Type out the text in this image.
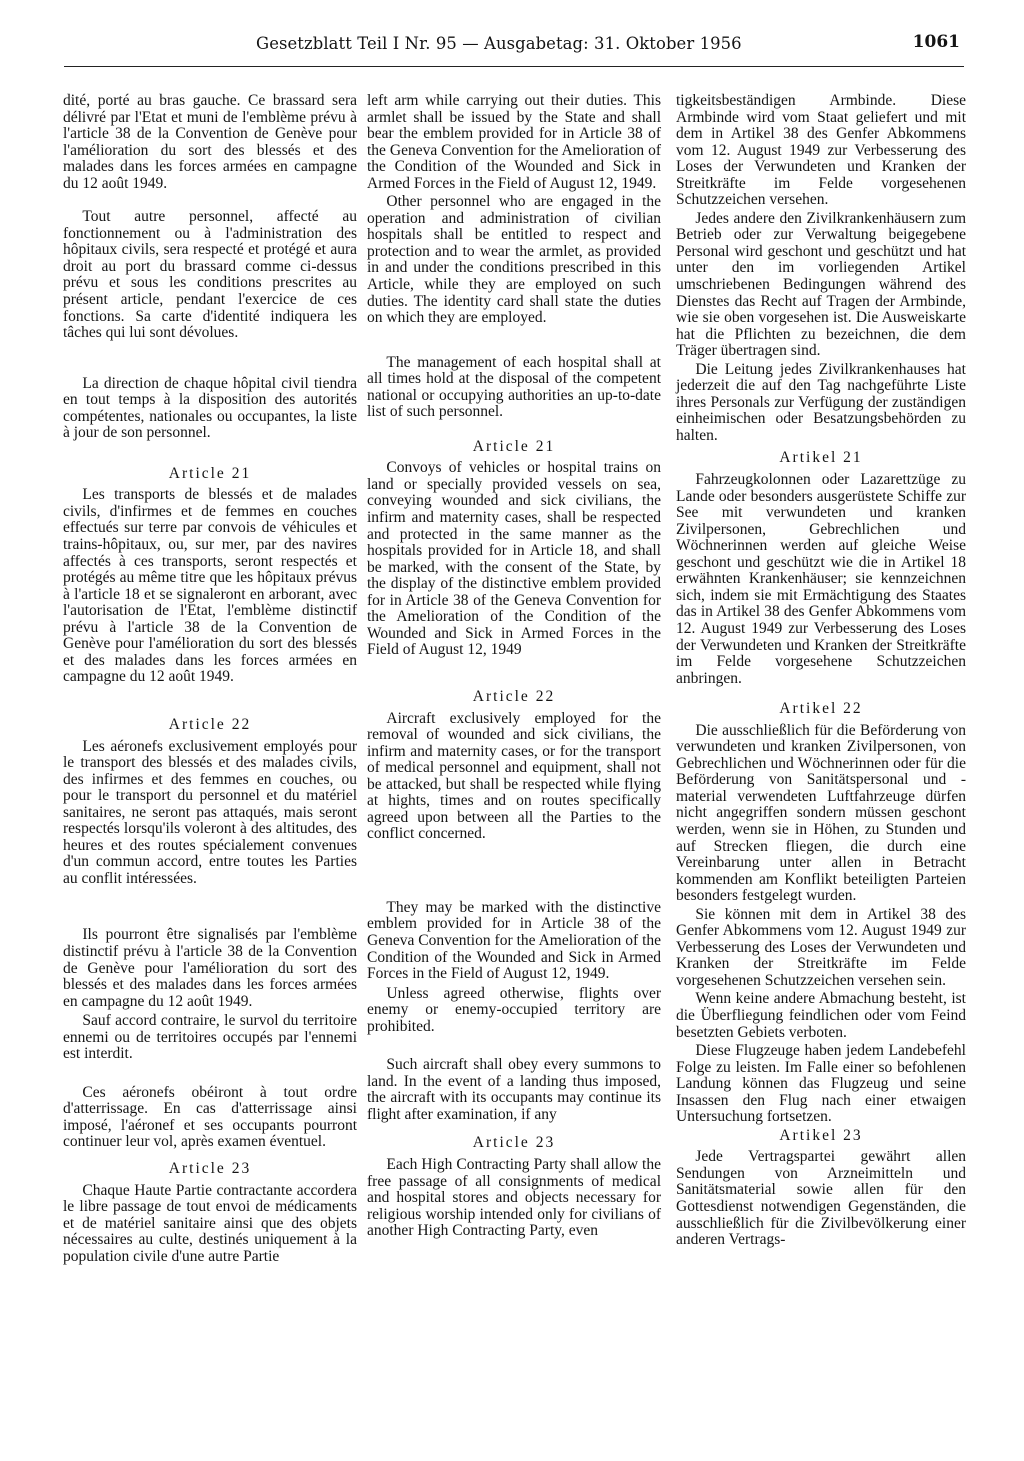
Gesetzblatt Teil I Nr. 95 — Ausgabetag: 31. Oktober 1956	1061

dité, porté au bras gauche. Ce brassard sera délivré par l'Etat et muni de l'emblème prévu à l'article 38 de la Convention de Genève pour l'amélioration du sort des blessés et des malades dans les forces armées en campagne du 12 août 1949.

Tout autre personnel, affecté au fonctionnement ou à l'administration des hôpitaux civils, sera respecté et protégé et aura droit au port du brassard comme ci-dessus prévu et sous les conditions prescrites au présent article, pendant l'exercice de ces fonctions. Sa carte d'identité indiquera les tâches qui lui sont dévolues.

La direction de chaque hôpital civil tiendra en tout temps à la disposition des autorités compétentes, nationales ou occupantes, la liste à jour de son personnel.

Article 21

Les transports de blessés et de malades civils, d'infirmes et de femmes en couches effectués sur terre par convois de véhicules et trains-hôpitaux, ou, sur mer, par des navires affectés à ces transports, seront respectés et protégés au même titre que les hôpitaux prévus à l'article 18 et se signaleront en arborant, avec l'autorisation de l'Etat, l'emblème distinctif prévu à l'article 38 de la Convention de Genève pour l'amélioration du sort des blessés et des malades dans les forces armées en campagne du 12 août 1949.

Article 22

Les aéronefs exclusivement employés pour le transport des blessés et des malades civils, des infirmes et des femmes en couches, ou pour le transport du personnel et du matériel sanitaires, ne seront pas attaqués, mais seront respectés lorsqu'ils voleront à des altitudes, des heures et des routes spécialement convenues d'un commun accord, entre toutes les Parties au conflit intéressées.

Ils pourront être signalisés par l'emblème distinctif prévu à l'article 38 de la Convention de Genève pour l'amélioration du sort des blessés et des malades dans les forces armées en campagne du 12 août 1949.

Sauf accord contraire, le survol du territoire ennemi ou de territoires occupés par l'ennemi est interdit.

Ces aéronefs obéiront à tout ordre d'atterrissage. En cas d'atterrissage ainsi imposé, l'aéronef et ses occupants pourront continuer leur vol, après examen éventuel.

Article 23

Chaque Haute Partie contractante accordera le libre passage de tout envoi de médicaments et de matériel sanitaire ainsi que des objets nécessaires au culte, destinés uniquement à la population civile d'une autre Partie

left arm while carrying out their duties. This armlet shall be issued by the State and shall bear the emblem provided for in Article 38 of the Geneva Convention for the Amelioration of the Condition of the Wounded and Sick in Armed Forces in the Field of August 12, 1949.

Other personnel who are engaged in the operation and administration of civilian hospitals shall be entitled to respect and protection and to wear the armlet, as provided in and under the conditions prescribed in this Article, while they are employed on such duties. The identity card shall state the duties on which they are employed.

The management of each hospital shall at all times hold at the disposal of the competent national or occupying authorities an up-to-date list of such personnel.

Article 21

Convoys of vehicles or hospital trains on land or specially provided vessels on sea, conveying wounded and sick civilians, the infirm and maternity cases, shall be respected and protected in the same manner as the hospitals provided for in Article 18, and shall be marked, with the consent of the State, by the display of the distinctive emblem provided for in Article 38 of the Geneva Convention for the Amelioration of the Condition of the Wounded and Sick in Armed Forces in the Field of August 12, 1949

Article 22

Aircraft exclusively employed for the removal of wounded and sick civilians, the infirm and maternity cases, or for the transport of medical personnel and equipment, shall not be attacked, but shall be respected while flying at hights, times and on routes specifically agreed upon between all the Parties to the conflict concerned.

They may be marked with the distinctive emblem provided for in Article 38 of the Geneva Convention for the Amelioration of the Condition of the Wounded and Sick in Armed Forces in the Field of August 12, 1949.

Unless agreed otherwise, flights over enemy or enemy-occupied territory are prohibited.

Such aircraft shall obey every summons to land. In the event of a landing thus imposed, the aircraft with its occupants may continue its flight after examination, if any

Article 23

Each High Contracting Party shall allow the free passage of all consignments of medical and hospital stores and objects necessary for religious worship intended only for civilians of another High Contracting Party, even

tigkeitsbeständigen Armbinde. Diese Armbinde wird vom Staat geliefert und mit dem in Artikel 38 des Genfer Abkommens vom 12. August 1949 zur Verbesserung des Loses der Verwundeten und Kranken der Streitkräfte im Felde vorgesehenen Schutzzeichen versehen.

Jedes andere den Zivilkrankenhäusern zum Betrieb oder zur Verwaltung beigegebene Personal wird geschont und geschützt und hat unter den im vorliegenden Artikel umschriebenen Bedingungen während des Dienstes das Recht auf Tragen der Armbinde, wie sie oben vorgesehen ist. Die Ausweiskarte hat die Pflichten zu bezeichnen, die dem Träger übertragen sind.

Die Leitung jedes Zivilkrankenhauses hat jederzeit die auf den Tag nachgeführte Liste ihres Personals zur Verfügung der zuständigen einheimischen oder Besatzungsbehörden zu halten.

Artikel 21

Fahrzeugkolonnen oder Lazarettzüge zu Lande oder besonders ausgerüstete Schiffe zur See mit verwundeten und kranken Zivilpersonen, Gebrechlichen und Wöchnerinnen werden auf gleiche Weise geschont und geschützt wie die in Artikel 18 erwähnten Krankenhäuser; sie kennzeichnen sich, indem sie mit Ermächtigung des Staates das in Artikel 38 des Genfer Abkommens vom 12. August 1949 zur Verbesserung des Loses der Verwundeten und Kranken der Streitkräfte im Felde vorgesehene Schutzzeichen anbringen.

Artikel 22

Die ausschließlich für die Beförderung von verwundeten und kranken Zivilpersonen, von Gebrechlichen und Wöchnerinnen oder für die Beförderung von Sanitätspersonal und -material verwendeten Luftfahrzeuge dürfen nicht angegriffen sondern müssen geschont werden, wenn sie in Höhen, zu Stunden und auf Strecken fliegen, die durch eine Vereinbarung unter allen in Betracht kommenden am Konflikt beteiligten Parteien besonders festgelegt wurden.

Sie können mit dem in Artikel 38 des Genfer Abkommens vom 12. August 1949 zur Verbesserung des Loses der Verwundeten und Kranken der Streitkräfte im Felde vorgesehenen Schutzzeichen versehen sein.

Wenn keine andere Abmachung besteht, ist die Überfliegung feindlichen oder vom Feind besetzten Gebiets verboten.

Diese Flugzeuge haben jedem Landebefehl Folge zu leisten. Im Falle einer so befohlenen Landung können das Flugzeug und seine Insassen den Flug nach einer etwaigen Untersuchung fortsetzen.

Artikel 23

Jede Vertragspartei gewährt allen Sendungen von Arzneimitteln und Sanitätsmaterial sowie allen für den Gottesdienst notwendigen Gegenständen, die ausschließlich für die Zivilbevölkerung einer anderen Vertrags-
